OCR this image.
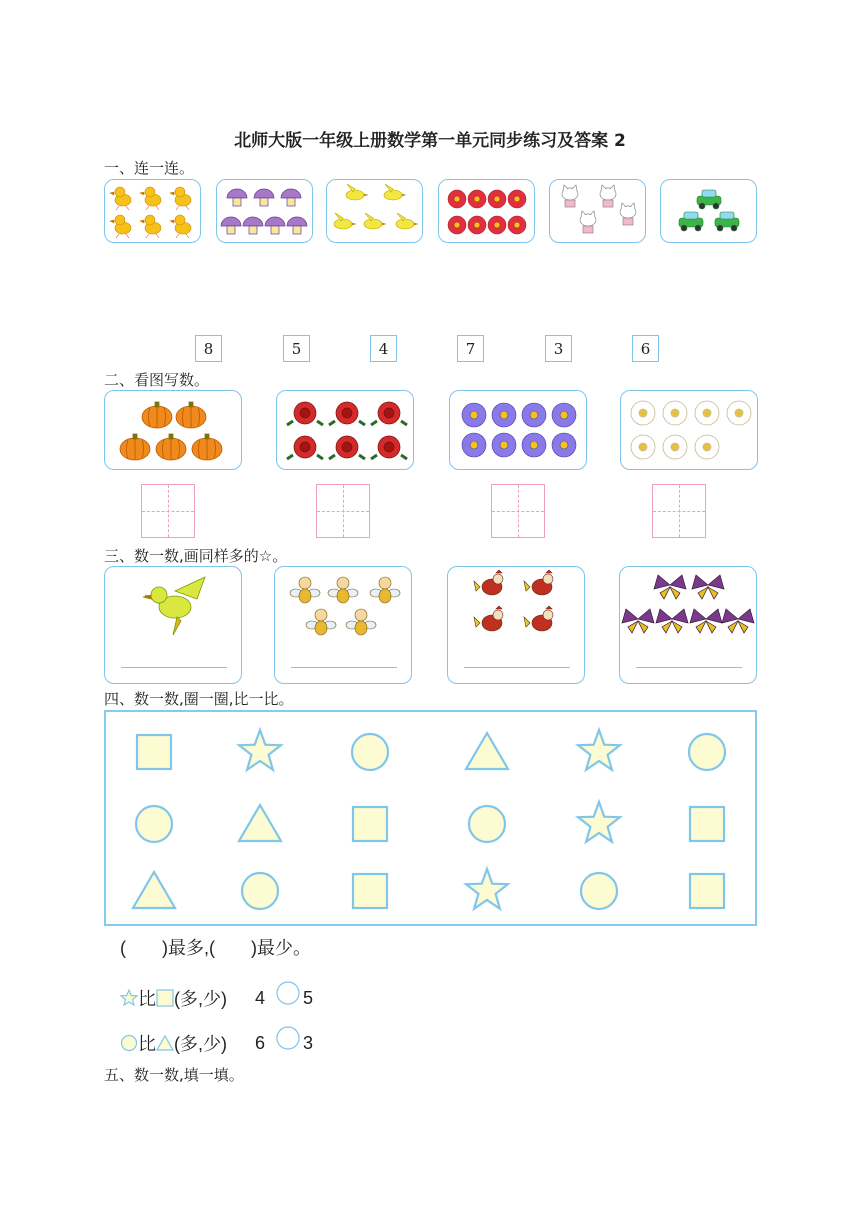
北师大版一年级上册数学第一单元同步练习及答案 2
一、连一连。
8	5	4	7	3	6
二、看图写数。
三、数一数,画同样多的☆。
四、数一数,圈一圈,比一比。
(　　)最多,(　　)最少。
比 (多,少) 4 5
比 (多,少) 6 3
五、数一数,填一填。
